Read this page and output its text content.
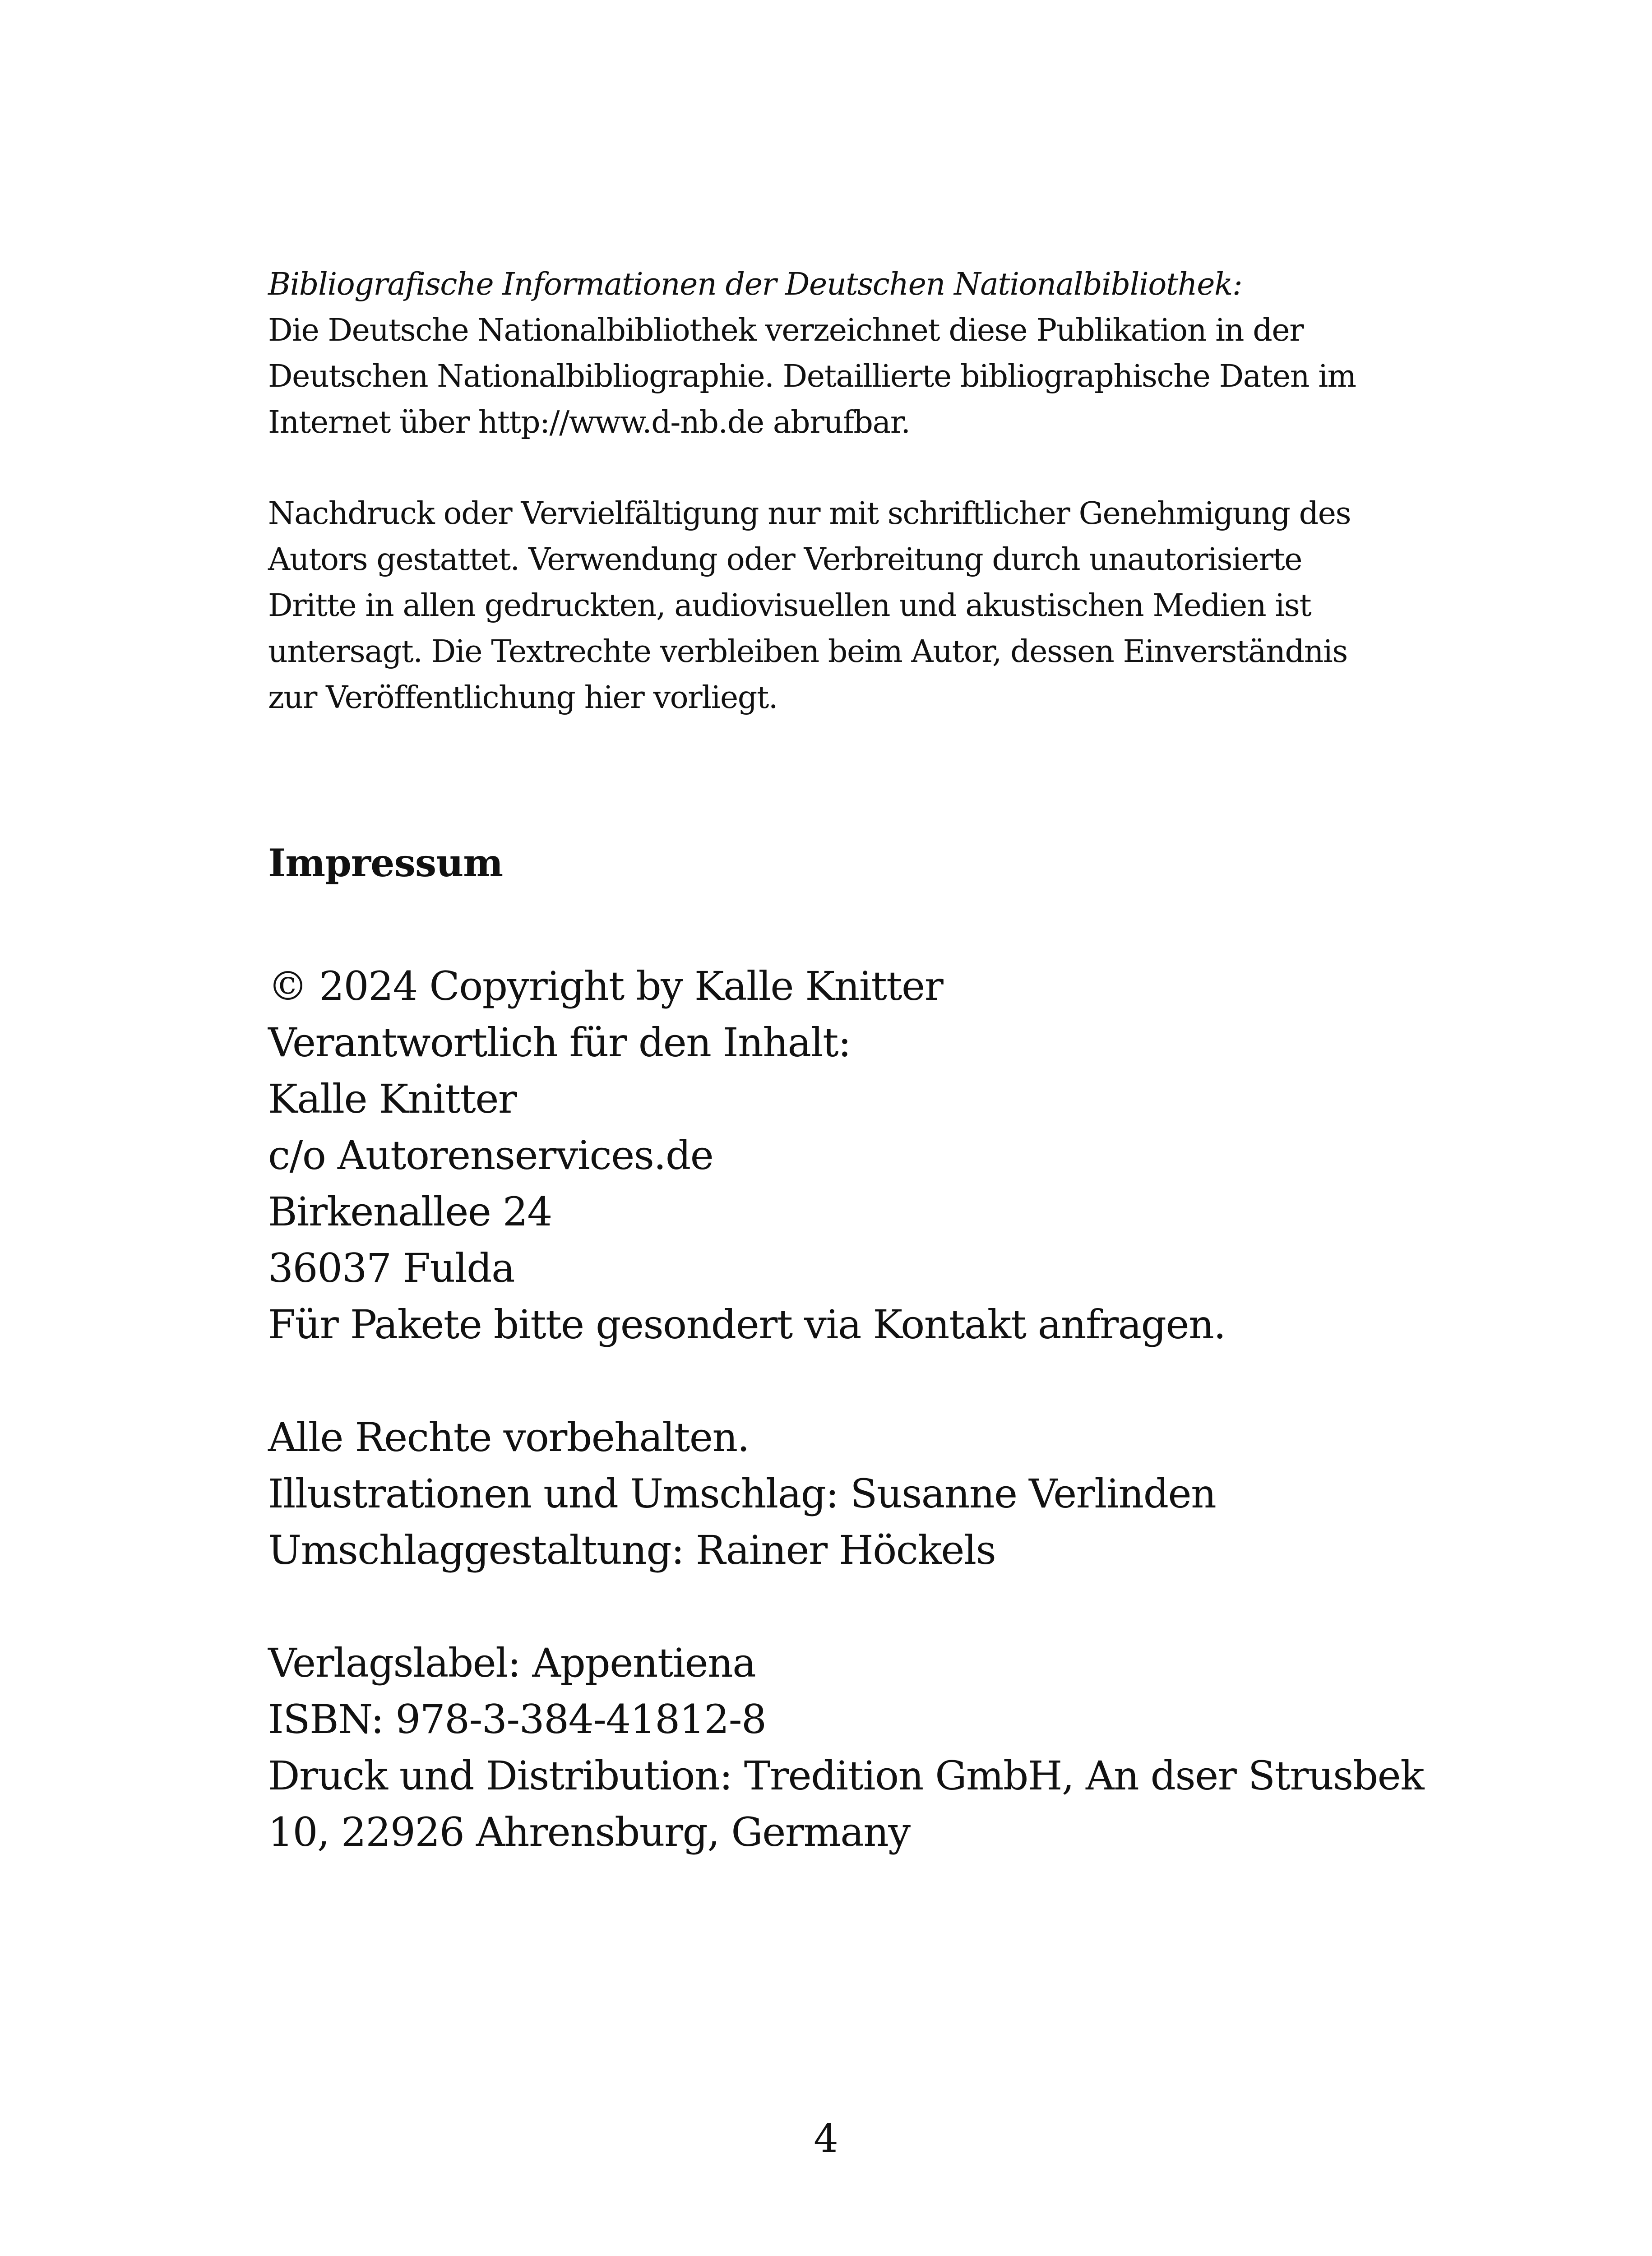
Bibliografische Informationen der Deutschen Nationalbibliothek:
Die Deutsche Nationalbibliothek verzeichnet diese Publikation in der
Deutschen Nationalbibliographie. Detaillierte bibliographische Daten im
Internet über http://www.d-nb.de abrufbar.
Nachdruck oder Vervielfältigung nur mit schriftlicher Genehmigung des
Autors gestattet. Verwendung oder Verbreitung durch unautorisierte
Dritte in allen gedruckten, audiovisuellen und akustischen Medien ist
untersagt. Die Textrechte verbleiben beim Autor, dessen Einverständnis
zur Veröffentlichung hier vorliegt.
Impressum
© 2024 Copyright by Kalle Knitter
Verantwortlich für den Inhalt:
Kalle Knitter
c/o Autorenservices.de
Birkenallee 24
36037 Fulda
Für Pakete bitte gesondert via Kontakt anfragen.
Alle Rechte vorbehalten.
Illustrationen und Umschlag: Susanne Verlinden
Umschlaggestaltung: Rainer Höckels
Verlagslabel: Appentiena
ISBN: 978-3-384-41812-8
Druck und Distribution: Tredition GmbH, An dser Strusbek
10, 22926 Ahrensburg, Germany
4
